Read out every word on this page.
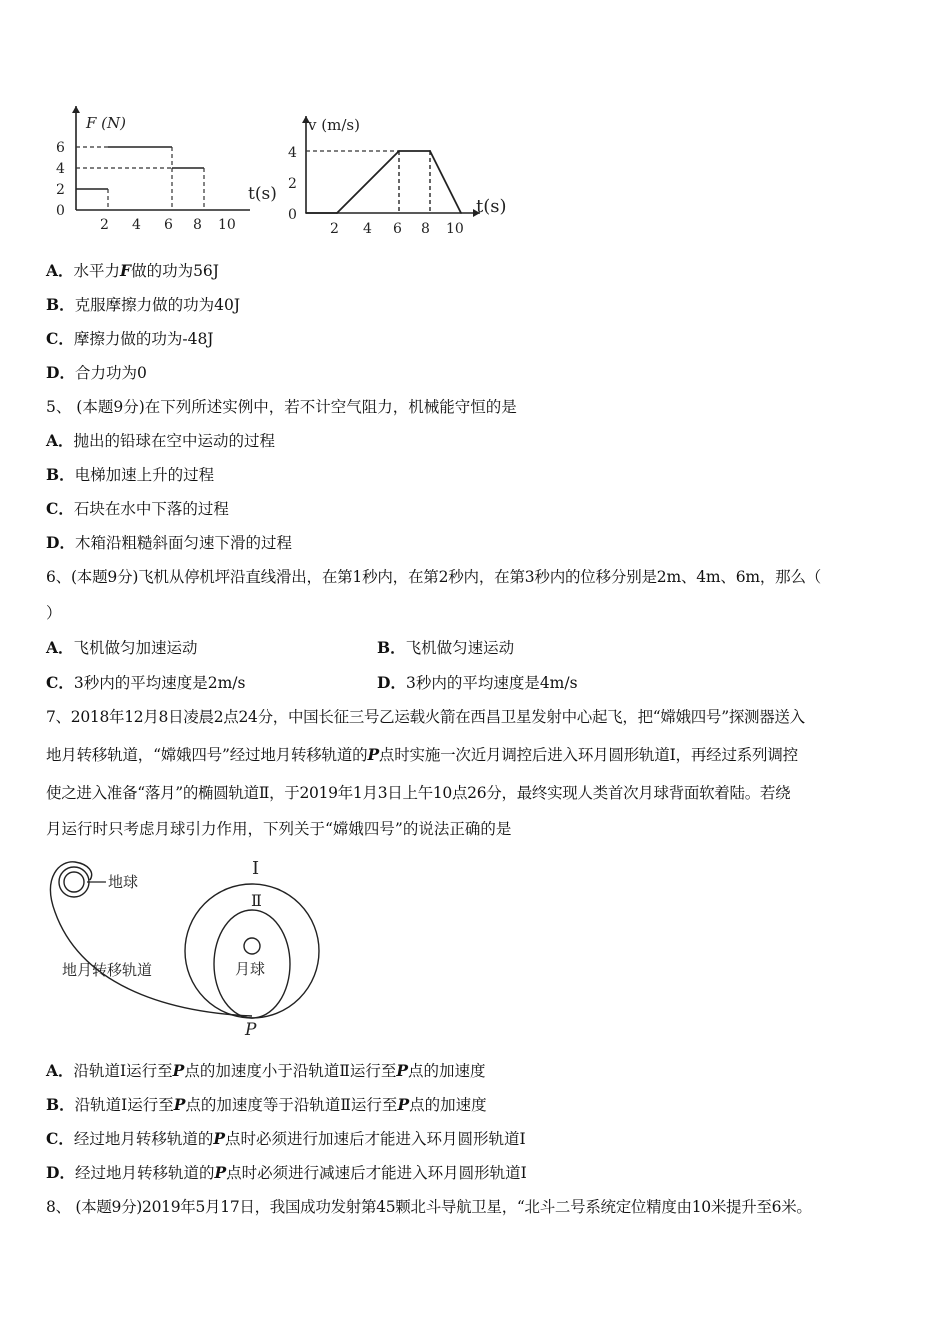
F (N)
t(s)
6
4
2
0
2 4 6 8 10
v (m/s)
t(s)
4
2
0
2 4 6 8 10
A．水平力F做的功为56J
B．克服摩擦力做的功为40J
C．摩擦力做的功为-48J
D．合力功为0
5、 (本题9分)在下列所述实例中，若不计空气阻力，机械能守恒的是
A．抛出的铅球在空中运动的过程
B．电梯加速上升的过程
C．石块在水中下落的过程
D．木箱沿粗糙斜面匀速下滑的过程
6、(本题9分)飞机从停机坪沿直线滑出，在第1秒内，在第2秒内，在第3秒内的位移分别是2m、4m、6m，那么（
）
A．飞机做匀加速运动	B．飞机做匀速运动
C．3秒内的平均速度是2m/s	D．3秒内的平均速度是4m/s
7、2018年12月8日凌晨2点24分，中国长征三号乙运载火箭在西昌卫星发射中心起飞，把“嫦娥四号”探测器送入
地月转移轨道，“嫦娥四号”经过地月转移轨道的P点时实施一次近月调控后进入环月圆形轨道Ⅰ，再经过系列调控
使之进入准备“落月”的椭圆轨道Ⅱ，于2019年1月3日上午10点26分，最终实现人类首次月球背面软着陆。若绕
月运行时只考虑月球引力作用，下列关于“嫦娥四号”的说法正确的是
地球
地月转移轨道	月球
I
Ⅱ
P
A．沿轨道Ⅰ运行至P点的加速度小于沿轨道Ⅱ运行至P点的加速度
B．沿轨道Ⅰ运行至P点的加速度等于沿轨道Ⅱ运行至P点的加速度
C．经过地月转移轨道的P点时必须进行加速后才能进入环月圆形轨道Ⅰ
D．经过地月转移轨道的P点时必须进行减速后才能进入环月圆形轨道Ⅰ
8、 (本题9分)2019年5月17日，我国成功发射第45颗北斗导航卫星，“北斗二号系统定位精度由10米提升至6米。
